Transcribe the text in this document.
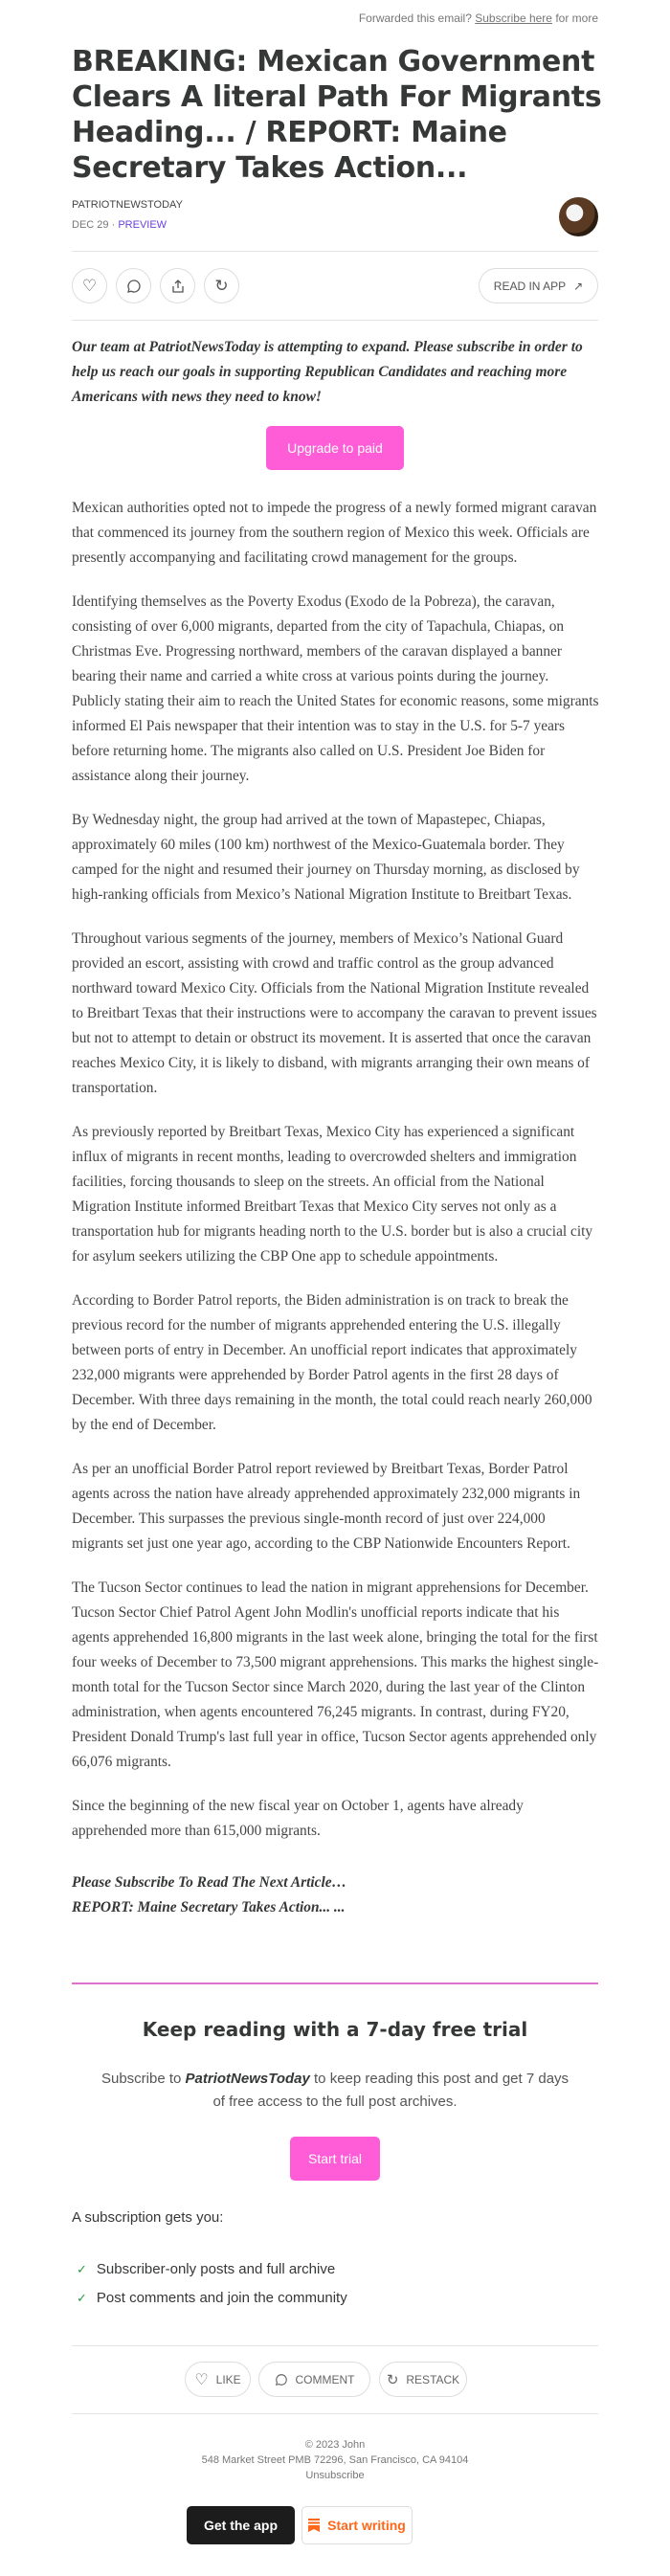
Forwarded this email? Subscribe here for more
BREAKING: Mexican Government Clears A literal Path For Migrants Heading... / REPORT: Maine Secretary Takes Action...
PATRIOTNEWSTODAY
DEC 29 · PREVIEW
♡	↻	READ IN APP ↗
Our team at PatriotNewsToday is attempting to expand. Please subscribe in order to help us reach our goals in supporting Republican Candidates and reaching more Americans with news they need to know!
Upgrade to paid

Mexican authorities opted not to impede the progress of a newly formed migrant caravan that commenced its journey from the southern region of Mexico this week. Officials are presently accompanying and facilitating crowd management for the groups.

Identifying themselves as the Poverty Exodus (Exodo de la Pobreza), the caravan, consisting of over 6,000 migrants, departed from the city of Tapachula, Chiapas, on Christmas Eve. Progressing northward, members of the caravan displayed a banner bearing their name and carried a white cross at various points during the journey. Publicly stating their aim to reach the United States for economic reasons, some migrants informed El Pais newspaper that their intention was to stay in the U.S. for 5-7 years before returning home. The migrants also called on U.S. President Joe Biden for assistance along their journey.

By Wednesday night, the group had arrived at the town of Mapastepec, Chiapas, approximately 60 miles (100 km) northwest of the Mexico-Guatemala border. They camped for the night and resumed their journey on Thursday morning, as disclosed by high-ranking officials from Mexico’s National Migration Institute to Breitbart Texas.

Throughout various segments of the journey, members of Mexico’s National Guard provided an escort, assisting with crowd and traffic control as the group advanced northward toward Mexico City. Officials from the National Migration Institute revealed to Breitbart Texas that their instructions were to accompany the caravan to prevent issues but not to attempt to detain or obstruct its movement. It is asserted that once the caravan reaches Mexico City, it is likely to disband, with migrants arranging their own means of transportation.

As previously reported by Breitbart Texas, Mexico City has experienced a significant influx of migrants in recent months, leading to overcrowded shelters and immigration facilities, forcing thousands to sleep on the streets. An official from the National Migration Institute informed Breitbart Texas that Mexico City serves not only as a transportation hub for migrants heading north to the U.S. border but is also a crucial city for asylum seekers utilizing the CBP One app to schedule appointments.

According to Border Patrol reports, the Biden administration is on track to break the previous record for the number of migrants apprehended entering the U.S. illegally between ports of entry in December. An unofficial report indicates that approximately 232,000 migrants were apprehended by Border Patrol agents in the first 28 days of December. With three days remaining in the month, the total could reach nearly 260,000 by the end of December.

As per an unofficial Border Patrol report reviewed by Breitbart Texas, Border Patrol agents across the nation have already apprehended approximately 232,000 migrants in December. This surpasses the previous single-month record of just over 224,000 migrants set just one year ago, according to the CBP Nationwide Encounters Report.

The Tucson Sector continues to lead the nation in migrant apprehensions for December. Tucson Sector Chief Patrol Agent John Modlin's unofficial reports indicate that his agents apprehended 16,800 migrants in the last week alone, bringing the total for the first four weeks of December to 73,500 migrant apprehensions. This marks the highest single-month total for the Tucson Sector since March 2020, during the last year of the Clinton administration, when agents encountered 76,245 migrants. In contrast, during FY20, President Donald Trump's last full year in office, Tucson Sector agents apprehended only 66,076 migrants.

Since the beginning of the new fiscal year on October 1, agents have already apprehended more than 615,000 migrants.

Please Subscribe To Read The Next Article…

REPORT: Maine Secretary Takes Action... ...

Keep reading with a 7-day free trial
Subscribe to PatriotNewsToday to keep reading this post and get 7 days of free access to the full post archives.
Start trial
A subscription gets you:
✓ Subscriber-only posts and full archive
✓ Post comments and join the community
♡ LIKE	COMMENT ↻ RESTACK
© 2023 John
548 Market Street PMB 72296, San Francisco, CA 94104
Unsubscribe
Get the app	Start writing
